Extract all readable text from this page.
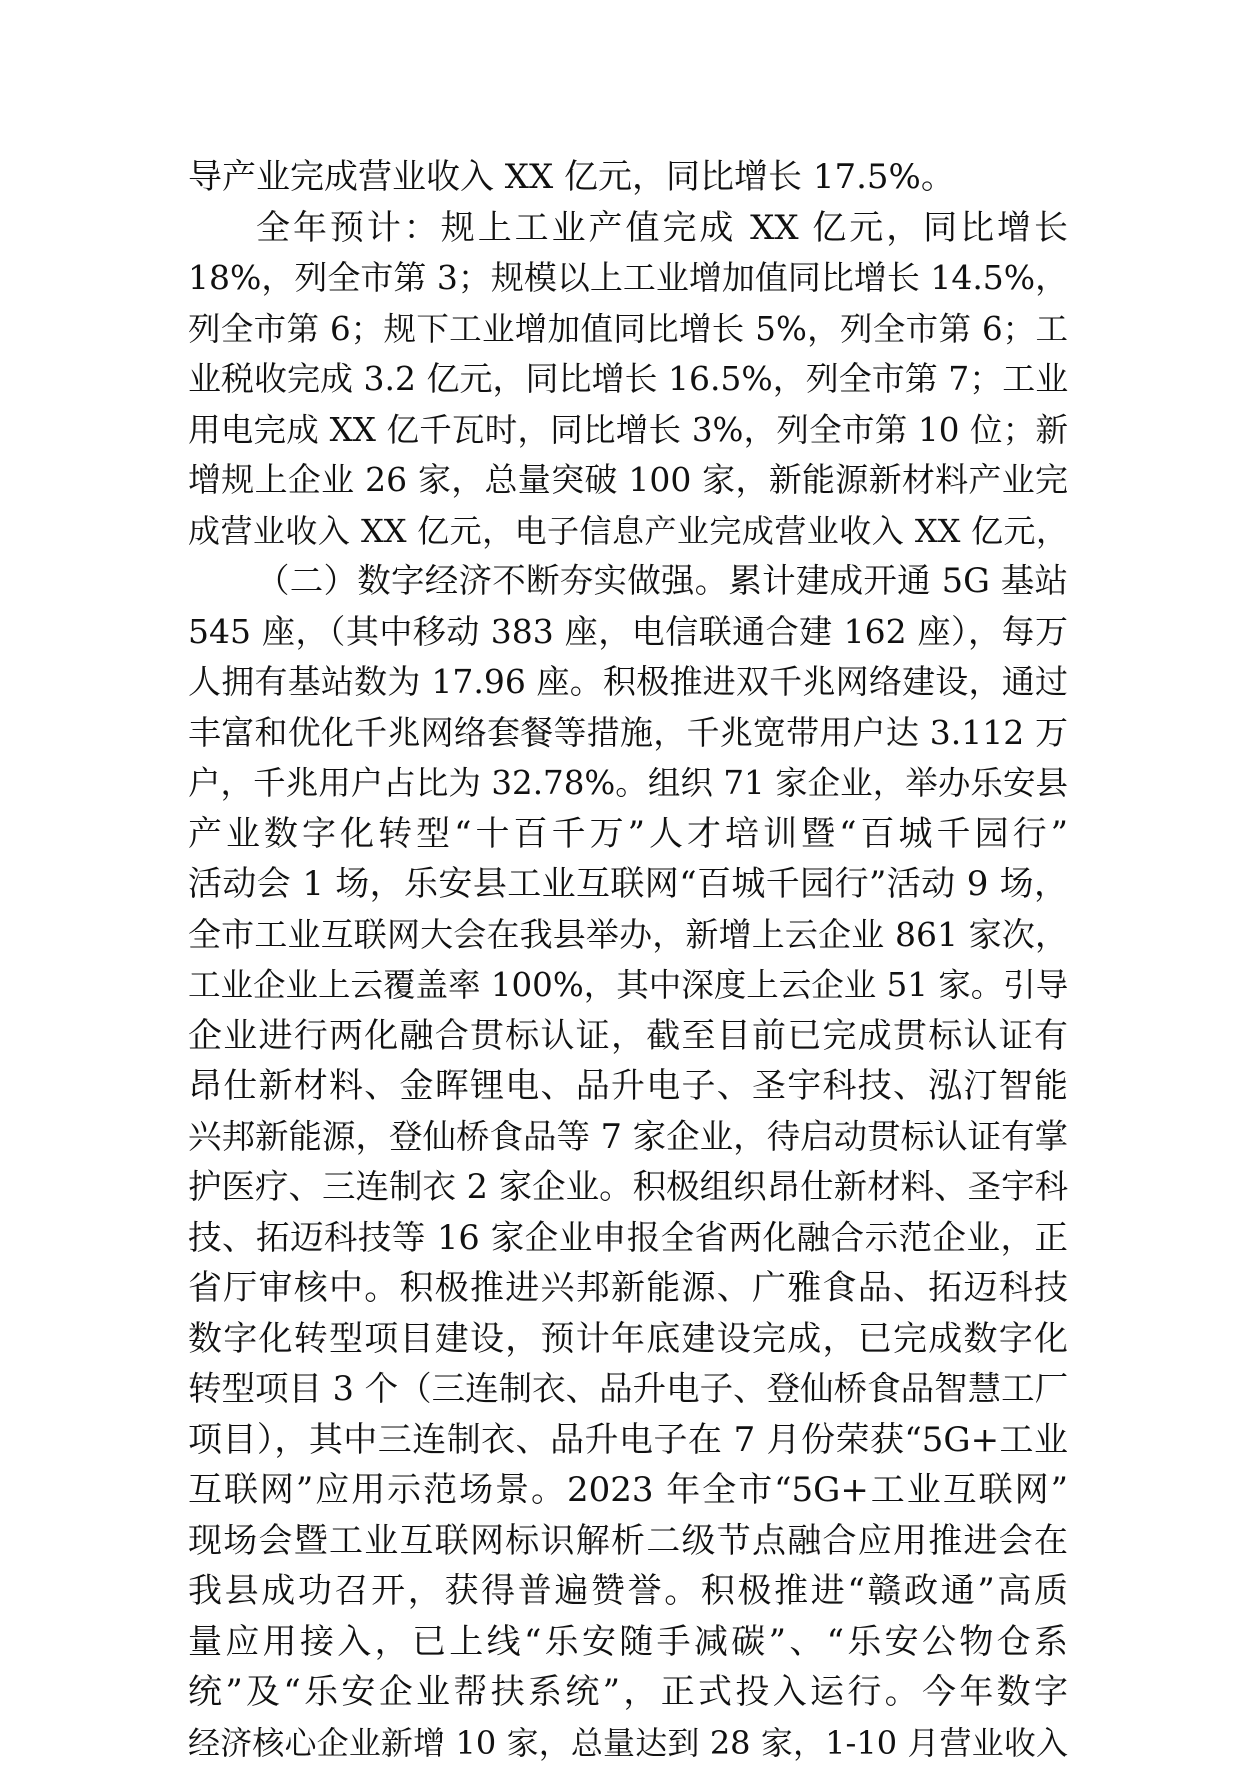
导产业完成营业收入 XX 亿元，同比增长 17.5%。
全年预计：规上工业产值完成 XX 亿元，同比增长
18%，列全市第 3；规模以上工业增加值同比增长 14.5%，
列全市第 6；规下工业增加值同比增长 5%，列全市第 6；工
业税收完成 3.2 亿元，同比增长 16.5%，列全市第 7；工业
用电完成 XX 亿千瓦时，同比增长 3%，列全市第 10 位；新
增规上企业 26 家，总量突破 100 家，新能源新材料产业完
成营业收入 XX 亿元，电子信息产业完成营业收入 XX 亿元，
（二）数字经济不断夯实做强。累计建成开通 5G 基站
545 座，（其中移动 383 座，电信联通合建 162 座），每万
人拥有基站数为 17.96 座。积极推进双千兆网络建设，通过
丰富和优化千兆网络套餐等措施，千兆宽带用户达 3.112 万
户，千兆用户占比为 32.78%。组织 71 家企业，举办乐安县
产业数字化转型“十百千万”人才培训暨“百城千园行”
活动会 1 场，乐安县工业互联网“百城千园行”活动 9 场，
全市工业互联网大会在我县举办，新增上云企业 861 家次，
工业企业上云覆盖率 100%，其中深度上云企业 51 家。引导
企业进行两化融合贯标认证，截至目前已完成贯标认证有
昂仕新材料、金晖锂电、品升电子、圣宇科技、泓汀智能
兴邦新能源，登仙桥食品等 7 家企业，待启动贯标认证有掌
护医疗、三连制衣 2 家企业。积极组织昂仕新材料、圣宇科
技、拓迈科技等 16 家企业申报全省两化融合示范企业，正
省厅审核中。积极推进兴邦新能源、广雅食品、拓迈科技
数字化转型项目建设，预计年底建设完成，已完成数字化
转型项目 3 个（三连制衣、品升电子、登仙桥食品智慧工厂
项目），其中三连制衣、品升电子在 7 月份荣获“5G+工业
互联网”应用示范场景。2023 年全市“5G+工业互联网”
现场会暨工业互联网标识解析二级节点融合应用推进会在
我县成功召开，获得普遍赞誉。积极推进“赣政通”高质
量应用接入，已上线“乐安随手减碳”、“乐安公物仓系
统”及“乐安企业帮扶系统”，正式投入运行。今年数字
经济核心企业新增 10 家，总量达到 28 家，1-10 月营业收入
